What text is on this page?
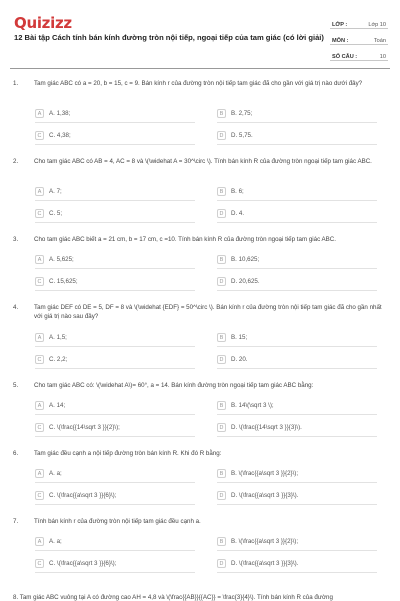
Quizizz
12 Bài tập Cách tính bán kính đường tròn nội tiếp, ngoại tiếp của tam giác (có lời giải)
LỚP :	Lớp 10
MÔN :	Toán
SỐ CÂU :	10
1.	Tam giác ABC có a = 20, b = 15, c = 9. Bán kính r của đường tròn nội tiếp tam giác đã cho gần với giá trị nào dưới đây?
A	A. 1,38;	B	B. 2,75;
C	C. 4,38;	D	D. 5,75.
2.	Cho tam giác ABC có AB = 4, AC = 8 và \(\widehat A = 30^\circ \). Tính bán kính R của đường tròn ngoại tiếp tam giác ABC.
A	A. 7;	B	B. 6;
C	C. 5;	D	D. 4.
3.	Cho tam giác ABC biết a = 21 cm, b = 17 cm, c =10. Tính bán kính R của đường tròn ngoại tiếp tam giác ABC.
A	A. 5,625;	B	B. 10,625;
C	C. 15,625;	D	D. 20,625.
4.	Tam giác DEF có DE = 5, DF = 8 và \(\widehat {EDF} = 50^\circ \). Bán kính r của đường tròn nội tiếp tam giác đã cho gần nhất với giá trị nào sau đây?
A	A. 1,5;	B	B. 15;
C	C. 2,2;	D	D. 20.
5.	Cho tam giác ABC có: \(\widehat A\)= 60°, a = 14. Bán kính đường tròn ngoại tiếp tam giác ABC bằng:
A	A. 14;	B	B. 14\(\sqrt 3 \);
C	C. \(\frac{{14\sqrt 3 }}{2}\);	D	D. \(\frac{{14\sqrt 3 }}{3}\).
6.	Tam giác đều cạnh a nội tiếp đường tròn bán kính R. Khi đó R bằng:
A	A. a;	B	B. \(\frac{{a\sqrt 3 }}{2}\);
C	C. \(\frac{{a\sqrt 3 }}{6}\);	D	D. \(\frac{{a\sqrt 3 }}{3}\).
7.	Tính bán kính r của đường tròn nội tiếp tam giác đều cạnh a.
A	A. a;	B	B. \(\frac{{a\sqrt 3 }}{2}\);
C	C. \(\frac{{a\sqrt 3 }}{6}\);	D	D. \(\frac{{a\sqrt 3 }}{3}\).
8. Tam giác ABC vuông tại A có đường cao AH = 4,8 và \(\frac{{AB}}{{AC}} = \frac{3}{4}\). Tính bán kính R của đường
